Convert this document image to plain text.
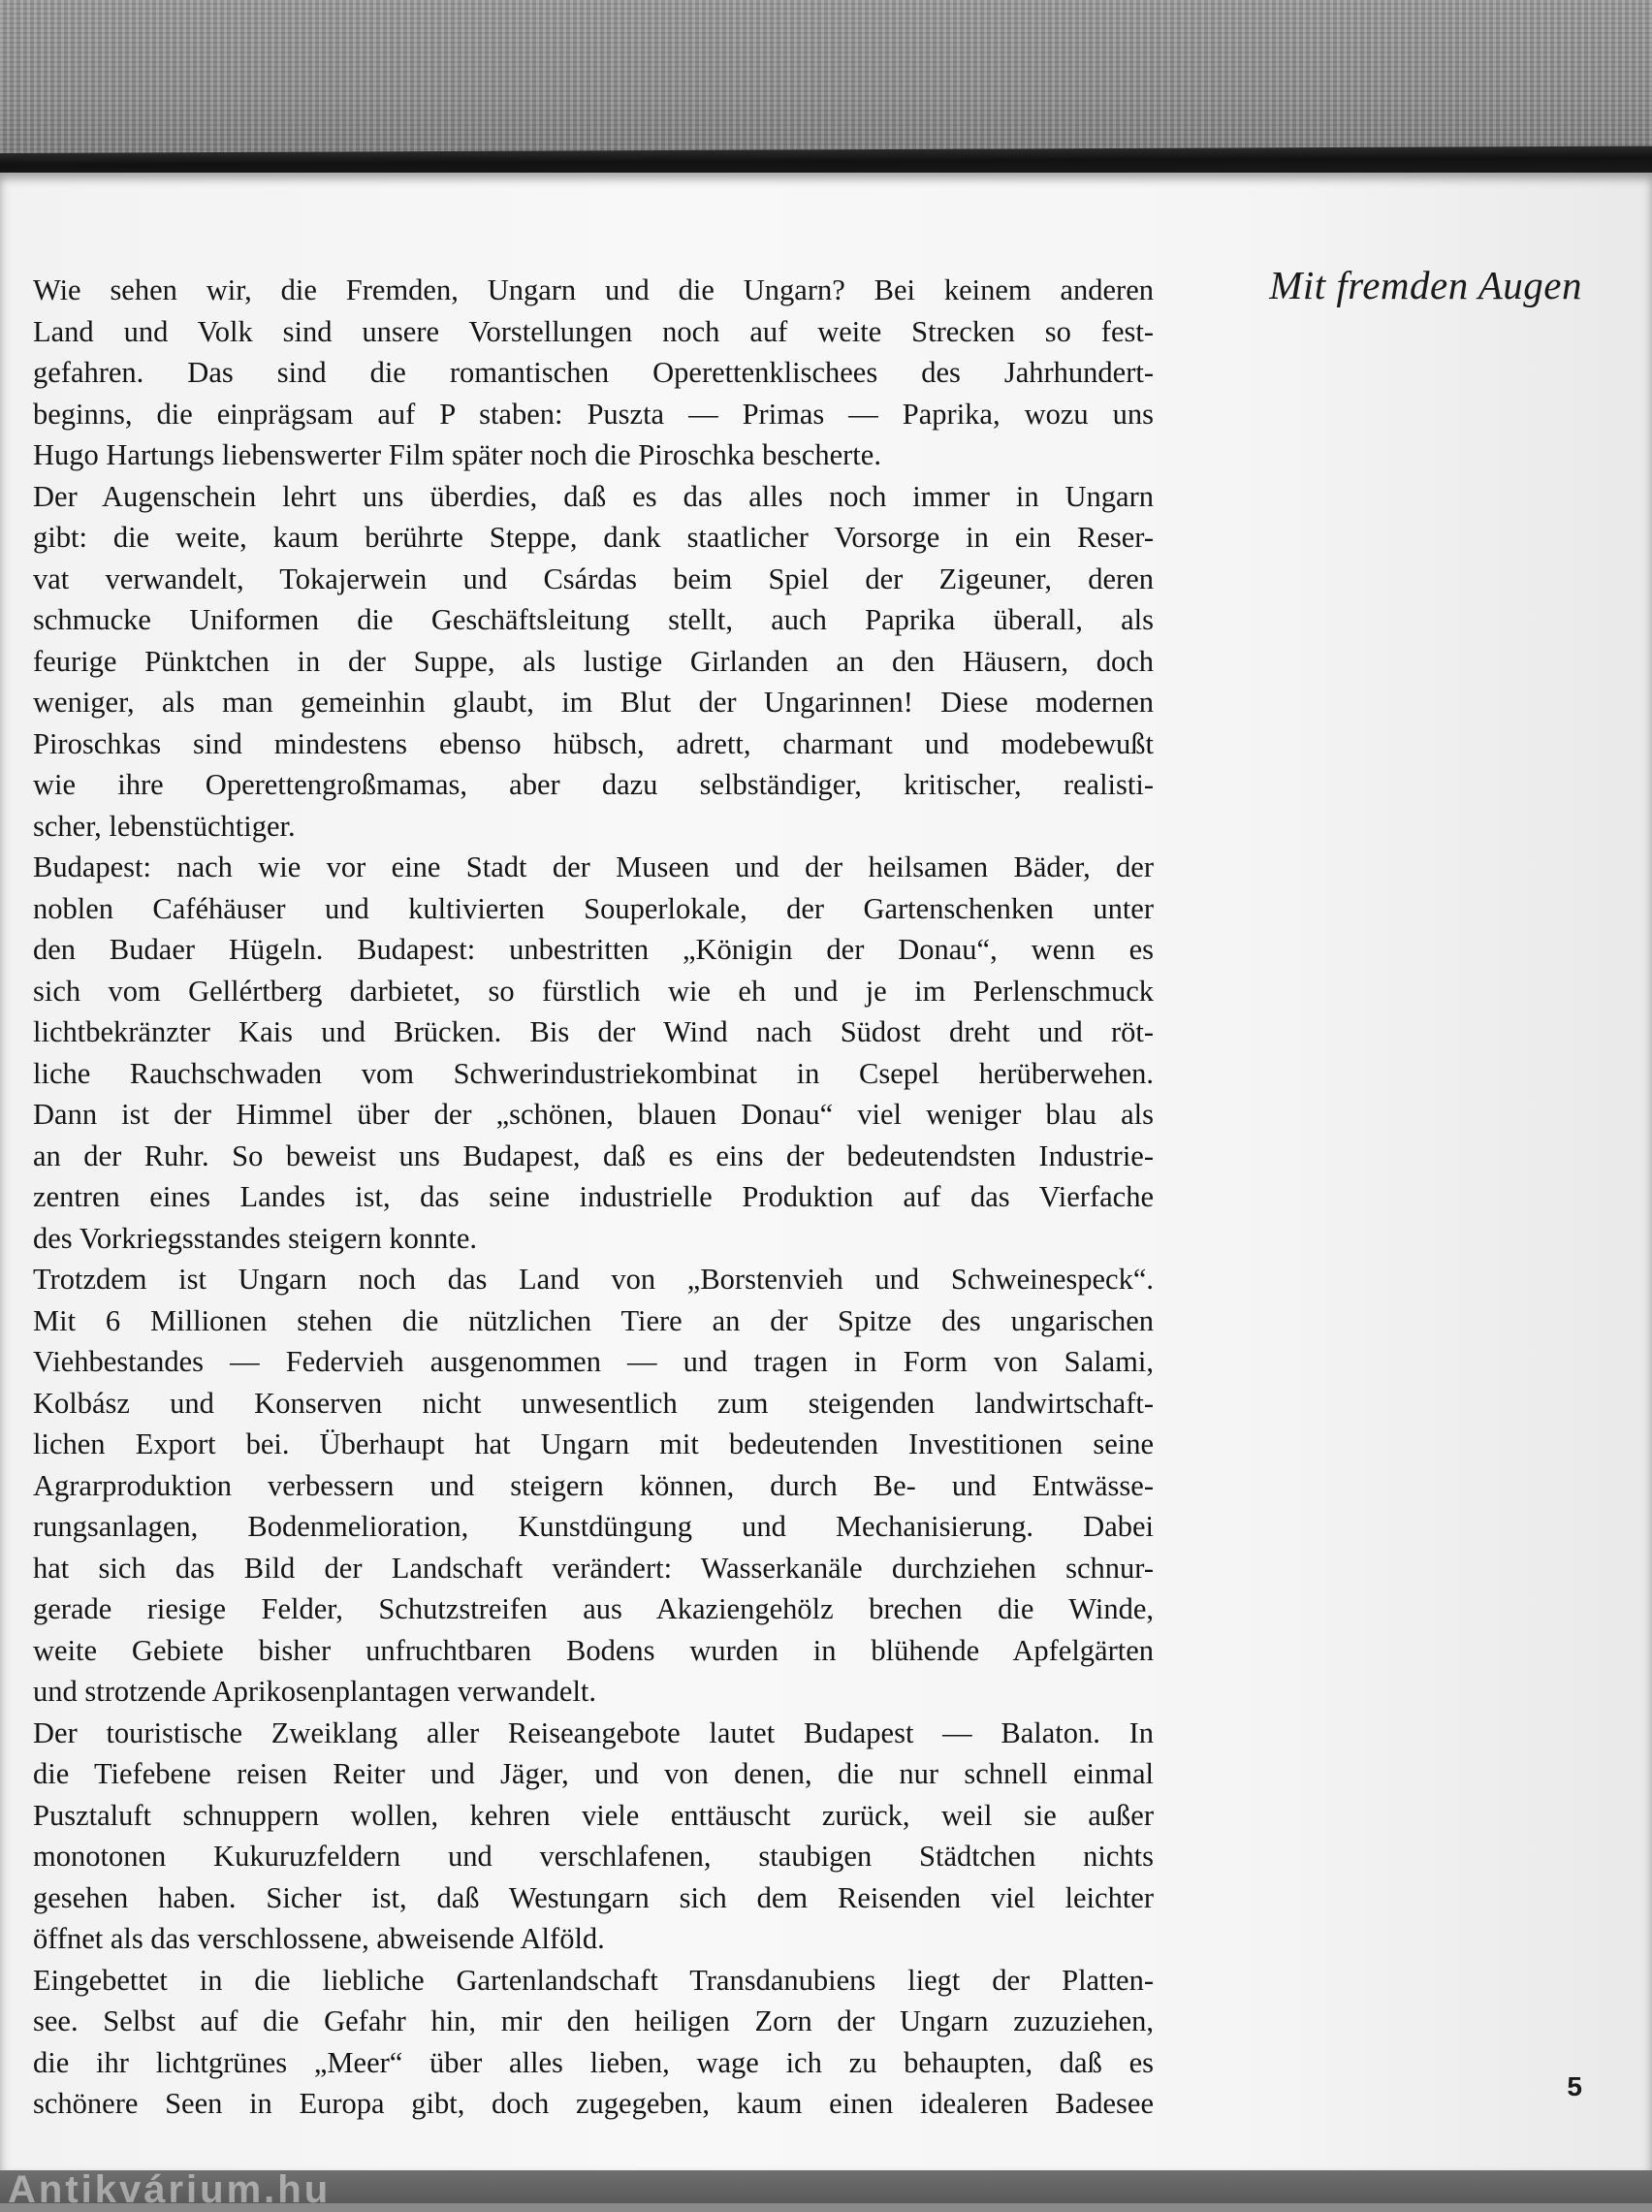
Mit fremden Augen
Wie sehen wir, die Fremden, Ungarn und die Ungarn? Bei keinem anderen
Land und Volk sind unsere Vorstellungen noch auf weite Strecken so fest-
gefahren. Das sind die romantischen Operettenklischees des Jahrhundert-
beginns, die einprägsam auf P staben: Puszta — Primas — Paprika, wozu uns
Hugo Hartungs liebenswerter Film später noch die Piroschka bescherte.
Der Augenschein lehrt uns überdies, daß es das alles noch immer in Ungarn
gibt: die weite, kaum berührte Steppe, dank staatlicher Vorsorge in ein Reser-
vat verwandelt, Tokajerwein und Csárdas beim Spiel der Zigeuner, deren
schmucke Uniformen die Geschäftsleitung stellt, auch Paprika überall, als
feurige Pünktchen in der Suppe, als lustige Girlanden an den Häusern, doch
weniger, als man gemeinhin glaubt, im Blut der Ungarinnen! Diese modernen
Piroschkas sind mindestens ebenso hübsch, adrett, charmant und modebewußt
wie ihre Operettengroßmamas, aber dazu selbständiger, kritischer, realisti-
scher, lebenstüchtiger.
Budapest: nach wie vor eine Stadt der Museen und der heilsamen Bäder, der
noblen Caféhäuser und kultivierten Souperlokale, der Gartenschenken unter
den Budaer Hügeln. Budapest: unbestritten „Königin der Donau“, wenn es
sich vom Gellértberg darbietet, so fürstlich wie eh und je im Perlenschmuck
lichtbekränzter Kais und Brücken. Bis der Wind nach Südost dreht und röt-
liche Rauchschwaden vom Schwerindustriekombinat in Csepel herüberwehen.
Dann ist der Himmel über der „schönen, blauen Donau“ viel weniger blau als
an der Ruhr. So beweist uns Budapest, daß es eins der bedeutendsten Industrie-
zentren eines Landes ist, das seine industrielle Produktion auf das Vierfache
des Vorkriegsstandes steigern konnte.
Trotzdem ist Ungarn noch das Land von „Borstenvieh und Schweinespeck“.
Mit 6 Millionen stehen die nützlichen Tiere an der Spitze des ungarischen
Viehbestandes — Federvieh ausgenommen — und tragen in Form von Salami,
Kolbász und Konserven nicht unwesentlich zum steigenden landwirtschaft-
lichen Export bei. Überhaupt hat Ungarn mit bedeutenden Investitionen seine
Agrarproduktion verbessern und steigern können, durch Be- und Entwässe-
rungsanlagen, Bodenmelioration, Kunstdüngung und Mechanisierung. Dabei
hat sich das Bild der Landschaft verändert: Wasserkanäle durchziehen schnur-
gerade riesige Felder, Schutzstreifen aus Akaziengehölz brechen die Winde,
weite Gebiete bisher unfruchtbaren Bodens wurden in blühende Apfelgärten
und strotzende Aprikosenplantagen verwandelt.
Der touristische Zweiklang aller Reiseangebote lautet Budapest — Balaton. In
die Tiefebene reisen Reiter und Jäger, und von denen, die nur schnell einmal
Pusztaluft schnuppern wollen, kehren viele enttäuscht zurück, weil sie außer
monotonen Kukuruzfeldern und verschlafenen, staubigen Städtchen nichts
gesehen haben. Sicher ist, daß Westungarn sich dem Reisenden viel leichter
öffnet als das verschlossene, abweisende Alföld.
Eingebettet in die liebliche Gartenlandschaft Transdanubiens liegt der Platten-
see. Selbst auf die Gefahr hin, mir den heiligen Zorn der Ungarn zuzuziehen,
die ihr lichtgrünes „Meer“ über alles lieben, wage ich zu behaupten, daß es
schönere Seen in Europa gibt, doch zugegeben, kaum einen idealeren Badesee
5
Antikvárium.hu
